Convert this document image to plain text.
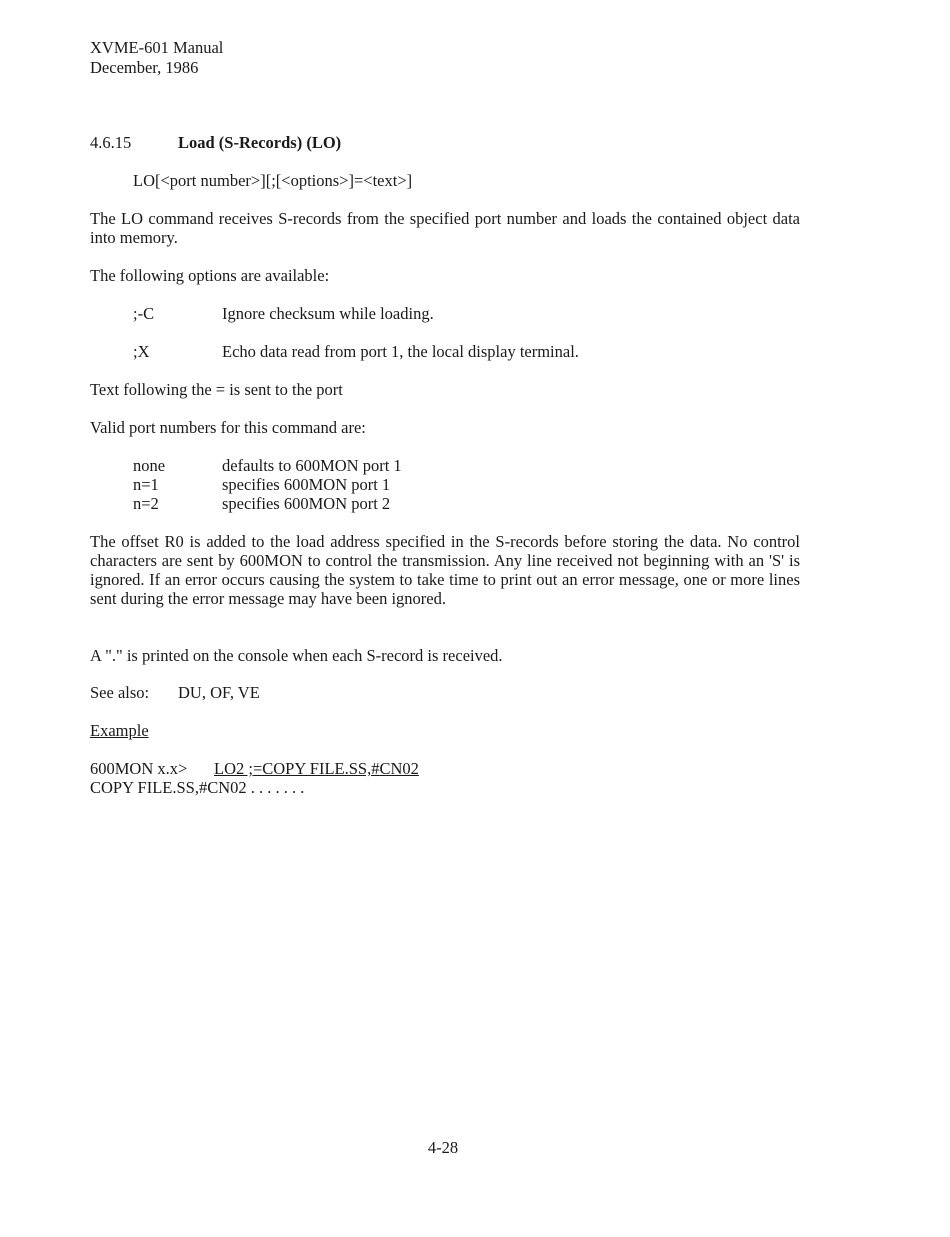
XVME-601 Manual
December, 1986
4.6.15	Load (S-Records) (LO)
LO[<port number>][;[<options>]=<text>]
The LO command receives S-records from the specified port number and loads the contained object data into memory.
The following options are available:
;-C	Ignore checksum while loading.
;X	Echo data read from port 1, the local display terminal.
Text following the = is sent to the port
Valid port numbers for this command are:
none	defaults to 600MON port 1
n=1	specifies 600MON port 1
n=2	specifies 600MON port 2
The offset R0 is added to the load address specified in the S-records before storing the data. No control characters are sent by 600MON to control the transmission. Any line received not beginning with an 'S' is ignored. If an error occurs causing the system to take time to print out an error message, one or more lines sent during the error message may have been ignored.
A "." is printed on the console when each S-record is received.
See also: DU, OF, VE
Example
600MON x.x> LO2 ;=COPY FILE.SS,#CN02
COPY FILE.SS,#CN02 . . . . . . .
4-28
